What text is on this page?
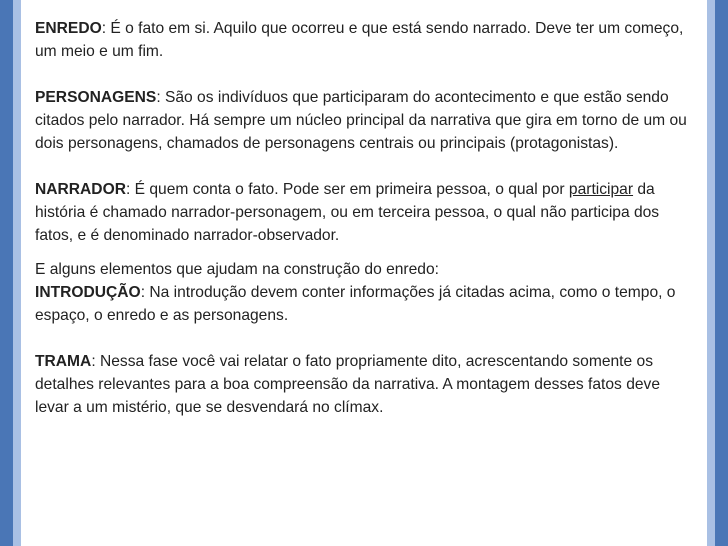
ENREDO: É o fato em si. Aquilo que ocorreu e que está sendo narrado. Deve ter um começo, um meio e um fim.

PERSONAGENS: São os indivíduos que participaram do acontecimento e que estão sendo citados pelo narrador. Há sempre um núcleo principal da narrativa que gira em torno de um ou dois personagens, chamados de personagens centrais ou principais (protagonistas).

NARRADOR: É quem conta o fato. Pode ser em primeira pessoa, o qual por participar da história é chamado narrador-personagem, ou em terceira pessoa, o qual não participa dos fatos, e é denominado narrador-observador.

E alguns elementos que ajudam na construção do enredo:

INTRODUÇÃO: Na introdução devem conter informações já citadas acima, como o tempo, o espaço, o enredo e as personagens.

TRAMA: Nessa fase você vai relatar o fato propriamente dito, acrescentando somente os detalhes relevantes para a boa compreensão da narrativa. A montagem desses fatos deve levar a um mistério, que se desvendará no clímax.
